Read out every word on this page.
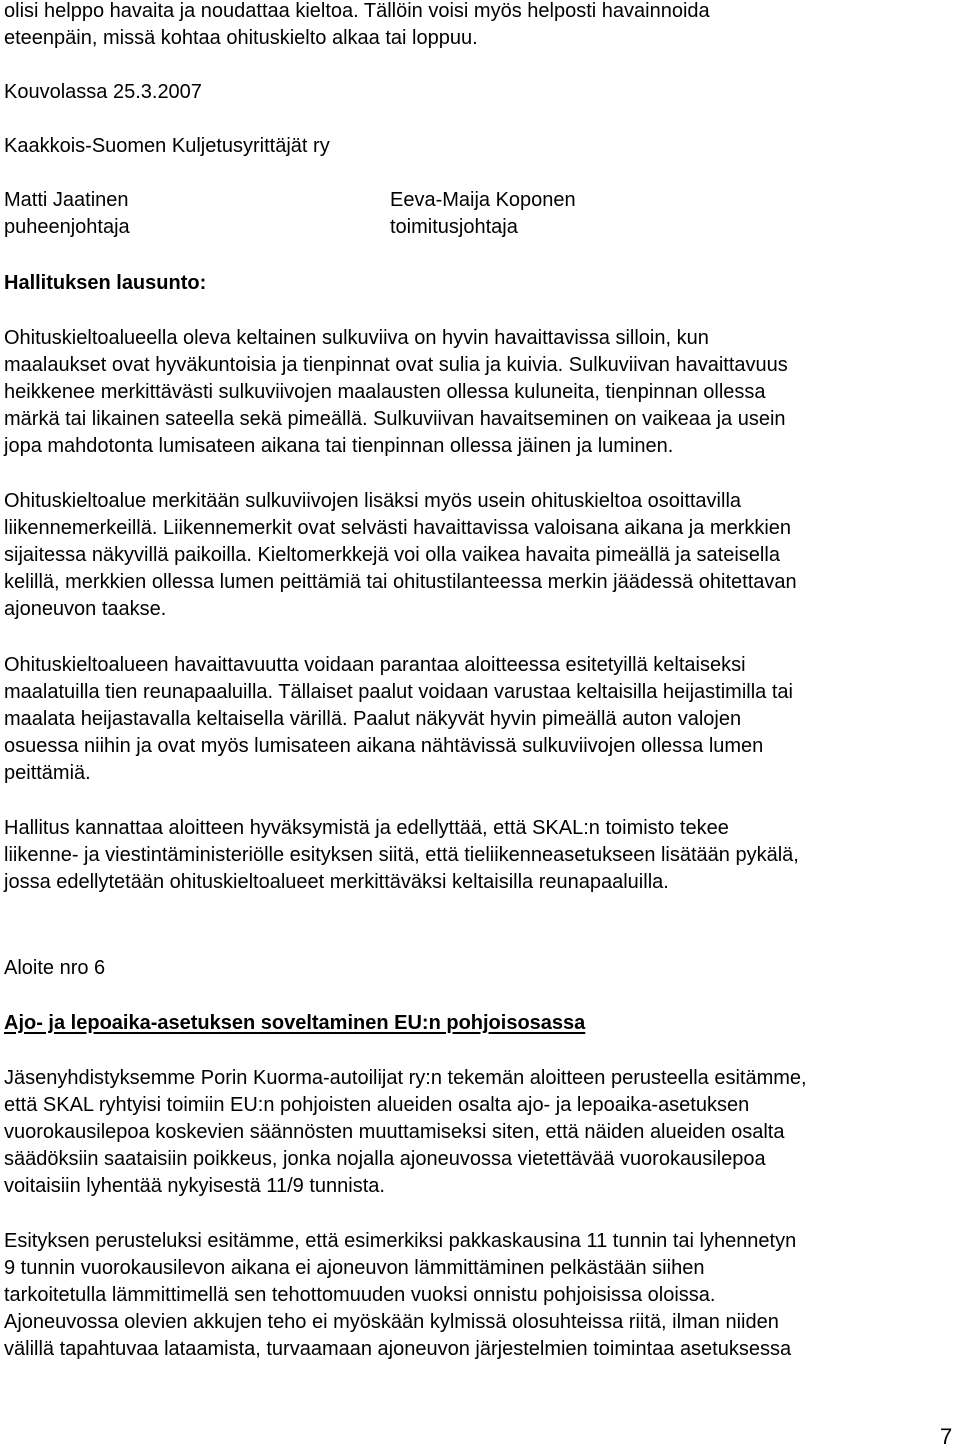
olisi helppo havaita ja noudattaa kieltoa. Tällöin voisi myös helposti havainnoida
eteenpäin, missä kohtaa ohituskielto alkaa tai loppuu.
Kouvolassa 25.3.2007
Kaakkois-Suomen Kuljetusyrittäjät ry
Matti Jaatinen
puheenjohtaja
Eeva-Maija Koponen
toimitusjohtaja
Hallituksen lausunto:
Ohituskieltoalueella oleva keltainen sulkuviiva on hyvin havaittavissa silloin, kun
maalaukset ovat hyväkuntoisia ja tienpinnat ovat sulia ja kuivia. Sulkuviivan havaittavuus
heikkenee merkittävästi sulkuviivojen maalausten ollessa kuluneita, tienpinnan ollessa
märkä tai likainen sateella sekä pimeällä. Sulkuviivan havaitseminen on vaikeaa ja usein
jopa mahdotonta lumisateen aikana tai tienpinnan ollessa jäinen ja luminen.
Ohituskieltoalue merkitään sulkuviivojen lisäksi myös usein ohituskieltoa osoittavilla
liikennemerkeillä. Liikennemerkit ovat selvästi havaittavissa valoisana aikana ja merkkien
sijaitessa näkyvillä paikoilla. Kieltomerkkejä voi olla vaikea havaita pimeällä ja sateisella
kelillä, merkkien ollessa lumen peittämiä tai ohitustilanteessa merkin jäädessä ohitettavan
ajoneuvon taakse.
Ohituskieltoalueen havaittavuutta voidaan parantaa aloitteessa esitetyillä keltaiseksi
maalatuilla tien reunapaaluilla. Tällaiset paalut voidaan varustaa keltaisilla heijastimilla tai
maalata heijastavalla keltaisella värillä. Paalut näkyvät hyvin pimeällä auton valojen
osuessa niihin ja ovat myös lumisateen aikana nähtävissä sulkuviivojen ollessa lumen
peittämiä.
Hallitus kannattaa aloitteen hyväksymistä ja edellyttää, että SKAL:n toimisto tekee
liikenne- ja viestintäministeriölle esityksen siitä, että tieliikenneasetukseen lisätään pykälä,
jossa edellytetään ohituskieltoalueet merkittäväksi keltaisilla reunapaaluilla.
Aloite nro 6
Ajo- ja lepoaika-asetuksen soveltaminen EU:n pohjoisosassa
Jäsenyhdistyksemme Porin Kuorma-autoilijat ry:n tekemän aloitteen perusteella esitämme,
että SKAL ryhtyisi toimiin EU:n pohjoisten alueiden osalta ajo- ja lepoaika-asetuksen
vuorokausilepoa koskevien säännösten muuttamiseksi siten, että näiden alueiden osalta
säädöksiin saataisiin poikkeus, jonka nojalla ajoneuvossa vietettävää vuorokausilepoa
voitaisiin lyhentää nykyisestä 11/9 tunnista.
Esityksen perusteluksi esitämme, että esimerkiksi pakkaskausina 11 tunnin tai lyhennetyn
9 tunnin vuorokausilevon aikana ei ajoneuvon lämmittäminen pelkästään siihen
tarkoitetulla lämmittimellä sen tehottomuuden vuoksi onnistu pohjoisissa oloissa.
Ajoneuvossa olevien akkujen teho ei myöskään kylmissä olosuhteissa riitä, ilman niiden
välillä tapahtuvaa lataamista, turvaamaan ajoneuvon järjestelmien toimintaa asetuksessa
7
